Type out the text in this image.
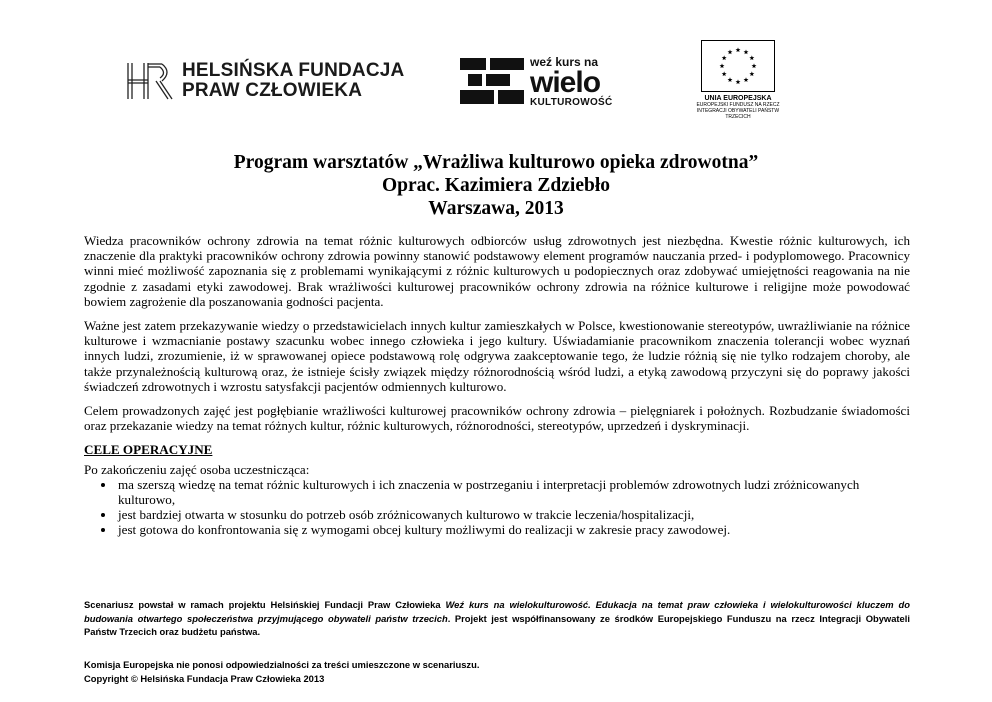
HELSIŃSKA FUNDACJA
PRAW CZŁOWIEKA
weź kurs na
wielo
KULTUROWOŚĆ	UNIA EUROPEJSKA
EUROPEJSKI FUNDUSZ NA RZECZ
INTEGRACJI OBYWATELI PAŃSTW TRZECICH
Program warsztatów „Wrażliwa kulturowo opieka zdrowotna”
Oprac. Kazimiera Zdziebło
Warszawa, 2013

Wiedza pracowników ochrony zdrowia na temat różnic kulturowych odbiorców usług zdrowotnych jest niezbędna. Kwestie różnic kulturowych, ich znaczenie dla praktyki pracowników ochrony zdrowia powinny stanowić podstawowy element programów nauczania przed- i podyplomowego. Pracownicy winni mieć możliwość zapoznania się z problemami wynikającymi z różnic kulturowych u podopiecznych oraz zdobywać umiejętności reagowania na nie zgodnie z zasadami etyki zawodowej. Brak wrażliwości kulturowej pracowników ochrony zdrowia na różnice kulturowe i religijne może powodować bowiem zagrożenie dla poszanowania godności pacjenta.

Ważne jest zatem przekazywanie wiedzy o przedstawicielach innych kultur zamieszkałych w Polsce, kwestionowanie stereotypów, uwrażliwianie na różnice kulturowe i wzmacnianie postawy szacunku wobec innego człowieka i jego kultury. Uświadamianie pracownikom znaczenia tolerancji wobec wyznań innych ludzi, zrozumienie, iż w sprawowanej opiece podstawową rolę odgrywa zaakceptowanie tego, że ludzie różnią się nie tylko rodzajem choroby, ale także przynależnością kulturową oraz, że istnieje ścisły związek między różnorodnością wśród ludzi, a etyką zawodową przyczyni się do poprawy jakości świadczeń zdrowotnych i wzrostu satysfakcji pacjentów odmiennych kulturowo.

Celem prowadzonych zajęć jest pogłębianie wrażliwości kulturowej pracowników ochrony zdrowia – pielęgniarek i położnych. Rozbudzanie świadomości oraz przekazanie wiedzy na temat różnych kultur, różnic kulturowych, różnorodności, stereotypów, uprzedzeń i dyskryminacji.

CELE OPERACYJNE
Po zakończeniu zajęć osoba uczestnicząca:
• ma szerszą wiedzę na temat różnic kulturowych i ich znaczenia w postrzeganiu i interpretacji problemów zdrowotnych ludzi zróżnicowanych kulturowo,
• jest bardziej otwarta w stosunku do potrzeb osób zróżnicowanych kulturowo w trakcie leczenia/hospitalizacji,
• jest gotowa do konfrontowania się z wymogami obcej kultury możliwymi do realizacji w zakresie pracy zawodowej.
Scenariusz powstał w ramach projektu Helsińskiej Fundacji Praw Człowieka Weź kurs na wielokulturowość. Edukacja na temat praw człowieka i wielokulturowości kluczem do budowania otwartego społeczeństwa przyjmującego obywateli państw trzecich. Projekt jest współfinansowany ze środków Europejskiego Funduszu na rzecz Integracji Obywateli Państw Trzecich oraz budżetu państwa.
Komisja Europejska nie ponosi odpowiedzialności za treści umieszczone w scenariuszu.
Copyright © Helsińska Fundacja Praw Człowieka 2013
